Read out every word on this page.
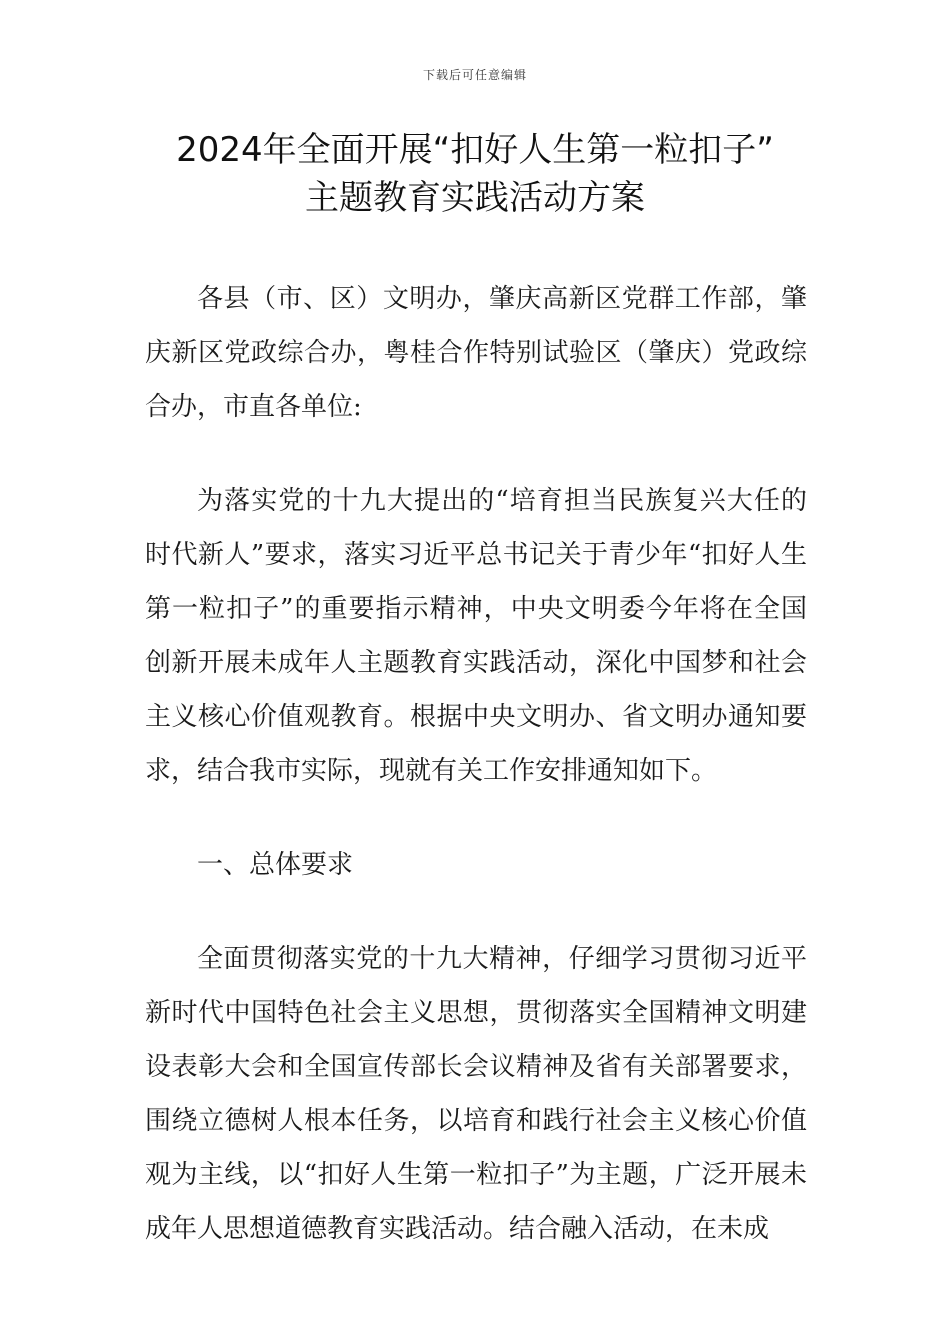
下载后可任意编辑
2024年全面开展“扣好人生第一粒扣子”
主题教育实践活动方案

各县（市、区）文明办，肇庆高新区党群工作部，肇庆新区党政综合办，粤桂合作特别试验区（肇庆）党政综合办，市直各单位:

为落实党的十九大提出的“培育担当民族复兴大任的时代新人”要求，落实习近平总书记关于青少年“扣好人生第一粒扣子”的重要指示精神，中央文明委今年将在全国创新开展未成年人主题教育实践活动，深化中国梦和社会主义核心价值观教育。根据中央文明办、省文明办通知要求，结合我市实际，现就有关工作安排通知如下。

一、总体要求

全面贯彻落实党的十九大精神，仔细学习贯彻习近平新时代中国特色社会主义思想，贯彻落实全国精神文明建设表彰大会和全国宣传部长会议精神及省有关部署要求，围绕立德树人根本任务，以培育和践行社会主义核心价值观为主线，以“扣好人生第一粒扣子”为主题，广泛开展未成年人思想道德教育实践活动。结合融入活动，在未成
